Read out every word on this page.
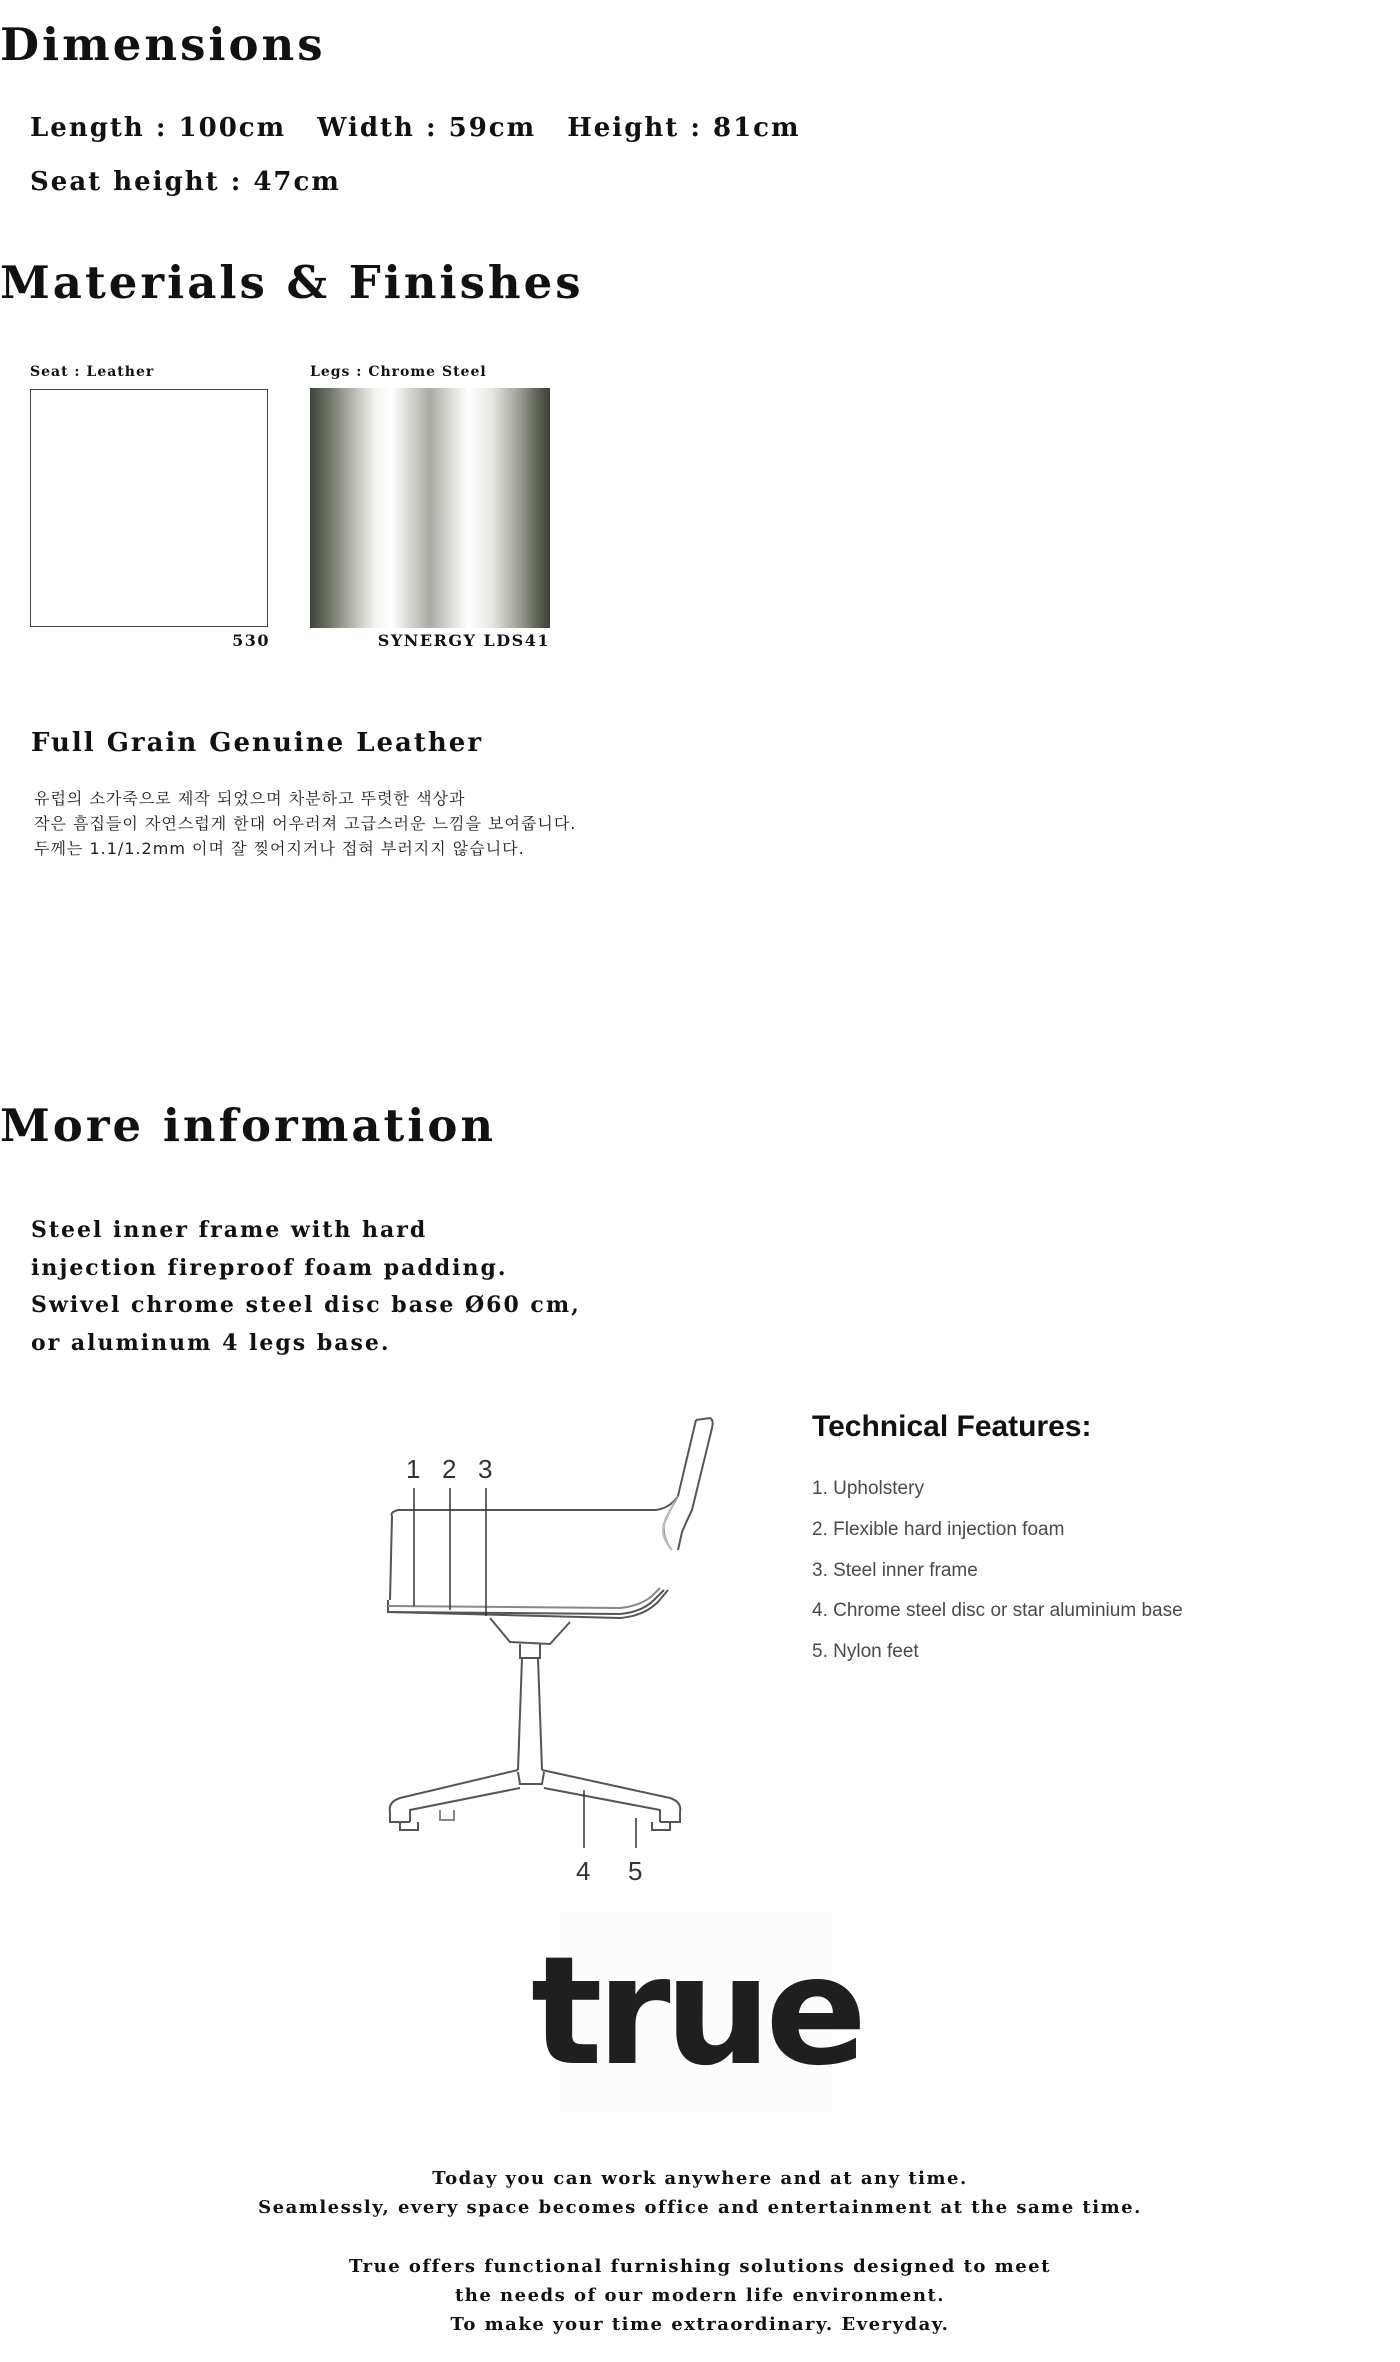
Dimensions
Length : 100cm Width : 59cm Height : 81cm
Seat height : 47cm
Materials & Finishes
Seat : Leather
530
Legs : Chrome Steel
SYNERGY LDS41
Full Grain Genuine Leather
유럽의 소가죽으로 제작 되었으며 차분하고 뚜렷한 색상과
작은 흠집들이 자연스럽게 한대 어우러져 고급스러운 느낌을 보여줍니다.
두께는 1.1/1.2mm 이며 잘 찢어지거나 접혀 부러지지 않습니다.
More information
Steel inner frame with hard
injection fireproof foam padding.
Swivel chrome steel disc base Ø60 cm,
or aluminum 4 legs base.
1 2 3
4 5
Technical Features:
1. Upholstery
2. Flexible hard injection foam
3. Steel inner frame
4. Chrome steel disc or star aluminium base
5. Nylon feet
true
Today you can work anywhere and at any time.
Seamlessly, every space becomes office and entertainment at the same time.
True offers functional furnishing solutions designed to meet
the needs of our modern life environment.
To make your time extraordinary. Everyday.
